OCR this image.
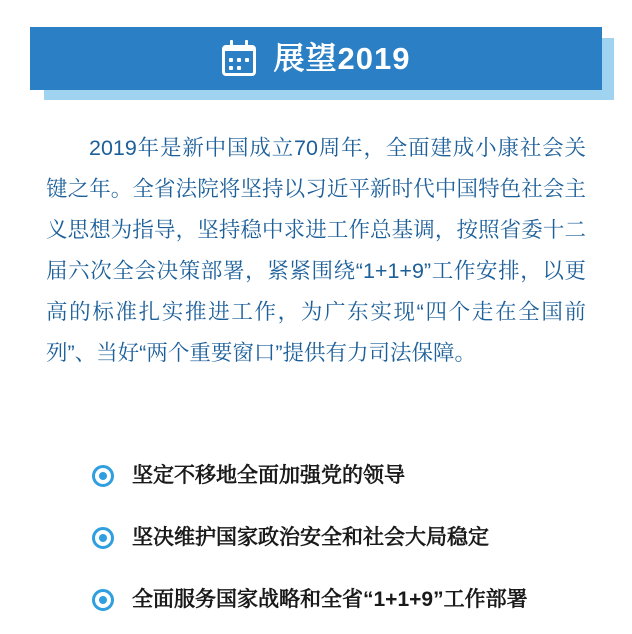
展望2019
2019年是新中国成立70周年，全面建成小康社会关键之年。全省法院将坚持以习近平新时代中国特色社会主义思想为指导，坚持稳中求进工作总基调，按照省委十二届六次全会决策部署，紧紧围绕“1+1+9”工作安排，以更高的标准扎实推进工作，为广东实现“四个走在全国前列”、当好“两个重要窗口”提供有力司法保障。
坚定不移地全面加强党的领导
坚决维护国家政治安全和社会大局稳定
全面服务国家战略和全省“1+1+9”工作部署
